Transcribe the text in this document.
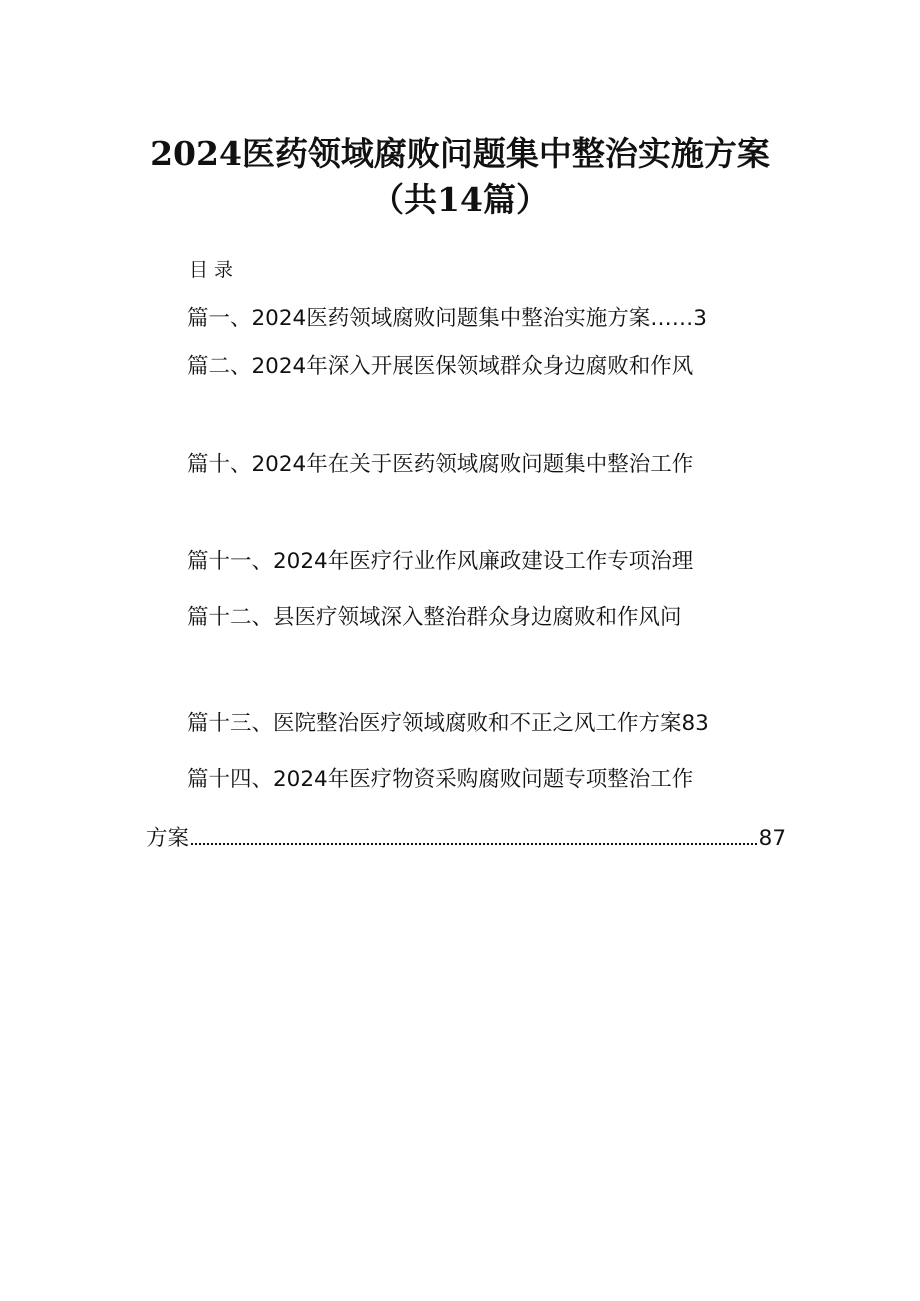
2024医药领域腐败问题集中整治实施方案
（共14篇）
目录
篇一、2024医药领域腐败问题集中整治实施方案……3
篇二、2024年深入开展医保领域群众身边腐败和作风
篇十、2024年在关于医药领域腐败问题集中整治工作
篇十一、2024年医疗行业作风廉政建设工作专项治理
篇十二、县医疗领域深入整治群众身边腐败和作风问
篇十三、医院整治医疗领域腐败和不正之风工作方案83
篇十四、2024年医疗物资采购腐败问题专项整治工作
方案	87
